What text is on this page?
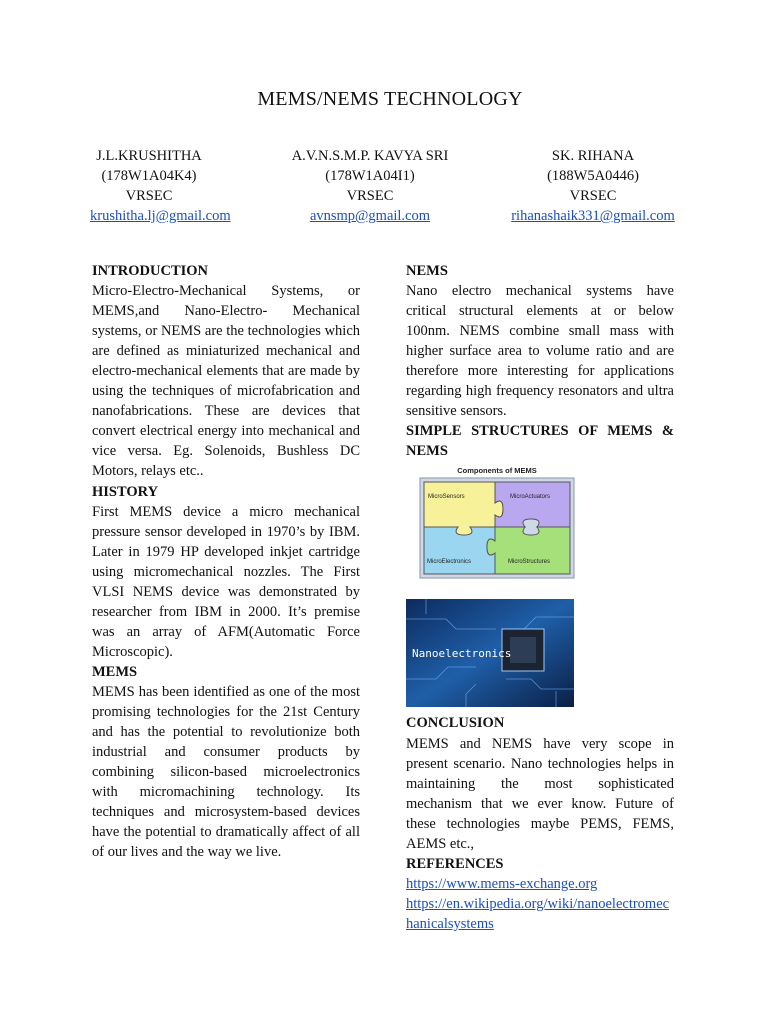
MEMS/NEMS TECHNOLOGY
J.L.KRUSHITHA
(178W1A04K4)
VRSEC
krushitha.lj@gmail.com
A.V.N.S.M.P. KAVYA SRI
(178W1A04I1)
VRSEC
avnsmp@gmail.com
SK. RIHANA
(188W5A0446)
VRSEC
rihanashaik331@gmail.com

INTRODUCTION

Micro-Electro-Mechanical Systems, or MEMS,and Nano-Electro- Mechanical systems, or NEMS are the technologies which are defined as miniaturized mechanical and electro-mechanical elements that are made by using the techniques of microfabrication and nanofabrications. These are devices that convert electrical energy into mechanical and vice versa. Eg. Solenoids, Bushless DC Motors, relays etc..

HISTORY

First MEMS device a micro mechanical pressure sensor developed in 1970’s by IBM. Later in 1979 HP developed inkjet cartridge using micromechanical nozzles. The First VLSI NEMS device was demonstrated by researcher from IBM in 2000. It’s premise was an array of AFM(Automatic Force Microscopic).

MEMS

MEMS has been identified as one of the most promising technologies for the 21st Century and has the potential to revolutionize both industrial and consumer products by combining silicon-based microelectronics with micromachining technology. Its techniques and microsystem-based devices have the potential to dramatically affect of all of our lives and the way we live.

NEMS

Nano electro mechanical systems have critical structural elements at or below 100nm. NEMS combine small mass with higher surface area to volume ratio and are therefore more interesting for applications regarding high frequency resonators and ultra sensitive sensors.

SIMPLE STRUCTURES OF MEMS & NEMS

Components of MEMS
MicroSensors	MicroActuators
MicroElectronics	MicroStructures
Nanoelectronics

CONCLUSION

MEMS and NEMS have very scope in present scenario. Nano technologies helps in maintaining the most sophisticated mechanism that we ever know. Future of these technologies maybe PEMS, FEMS, AEMS etc.,

REFERENCES

https://www.mems-exchange.org
https://en.wikipedia.org/wiki/nanoelectromechanicalsystems
